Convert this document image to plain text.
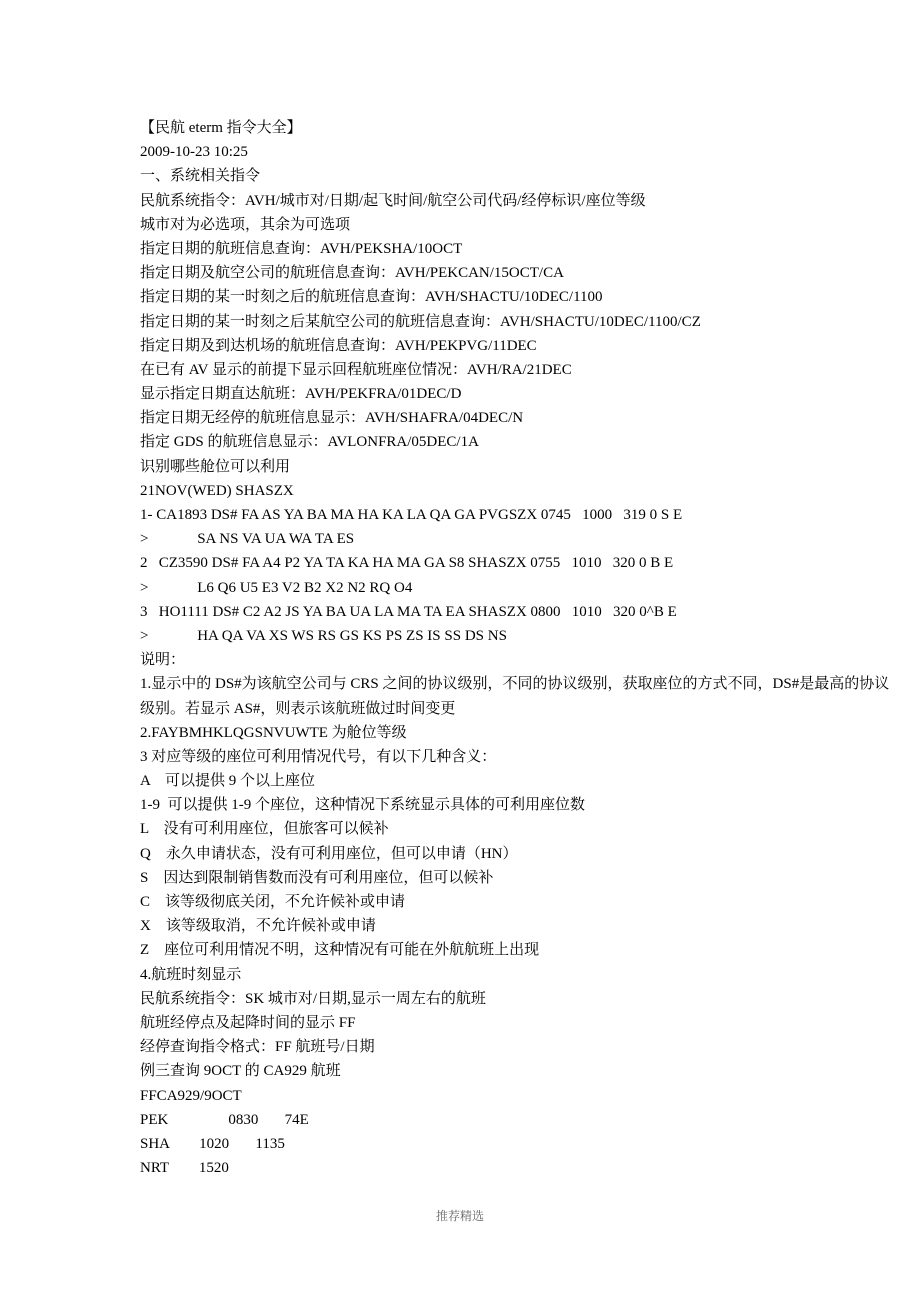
【民航 eterm 指令大全】
2009-10-23 10:25
一、系统相关指令
民航系统指令：AVH/城市对/日期/起飞时间/航空公司代码/经停标识/座位等级
城市对为必选项，其余为可选项
指定日期的航班信息查询：AVH/PEKSHA/10OCT
指定日期及航空公司的航班信息查询：AVH/PEKCAN/15OCT/CA
指定日期的某一时刻之后的航班信息查询：AVH/SHACTU/10DEC/1100
指定日期的某一时刻之后某航空公司的航班信息查询：AVH/SHACTU/10DEC/1100/CZ
指定日期及到达机场的航班信息查询：AVH/PEKPVG/11DEC
在已有 AV 显示的前提下显示回程航班座位情况：AVH/RA/21DEC
显示指定日期直达航班：AVH/PEKFRA/01DEC/D
指定日期无经停的航班信息显示：AVH/SHAFRA/04DEC/N
指定 GDS 的航班信息显示：AVLONFRA/05DEC/1A
识别哪些舱位可以利用
21NOV(WED) SHASZX
1- CA1893 DS# FA AS YA BA MA HA KA LA QA GA PVGSZX 0745   1000   319 0 S E
>             SA NS VA UA WA TA ES
2   CZ3590 DS# FA A4 P2 YA TA KA HA MA GA S8 SHASZX 0755   1010   320 0 B E
>             L6 Q6 U5 E3 V2 B2 X2 N2 RQ O4
3   HO1111 DS# C2 A2 JS YA BA UA LA MA TA EA SHASZX 0800   1010   320 0^B E
>             HA QA VA XS WS RS GS KS PS ZS IS SS DS NS
说明：
1.显示中的 DS#为该航空公司与 CRS 之间的协议级别，不同的协议级别，获取座位的方式不同，DS#是最高的协议级别。若显示 AS#，则表示该航班做过时间变更
2.FAYBMHKLQGSNVUWTE 为舱位等级
3 对应等级的座位可利用情况代号，有以下几种含义：
A    可以提供 9 个以上座位
1-9  可以提供 1-9 个座位，这种情况下系统显示具体的可利用座位数
L    没有可利用座位，但旅客可以候补
Q    永久申请状态，没有可利用座位，但可以申请（HN）
S    因达到限制销售数而没有可利用座位，但可以候补
C    该等级彻底关闭，不允许候补或申请
X    该等级取消，不允许候补或申请
Z    座位可利用情况不明，这种情况有可能在外航航班上出现
4.航班时刻显示
民航系统指令：SK 城市对/日期,显示一周左右的航班
航班经停点及起降时间的显示 FF
经停查询指令格式：FF 航班号/日期
例三查询 9OCT 的 CA929 航班
FFCA929/9OCT
PEK                0830       74E
SHA        1020       1135
NRT        1520
推荐精选
